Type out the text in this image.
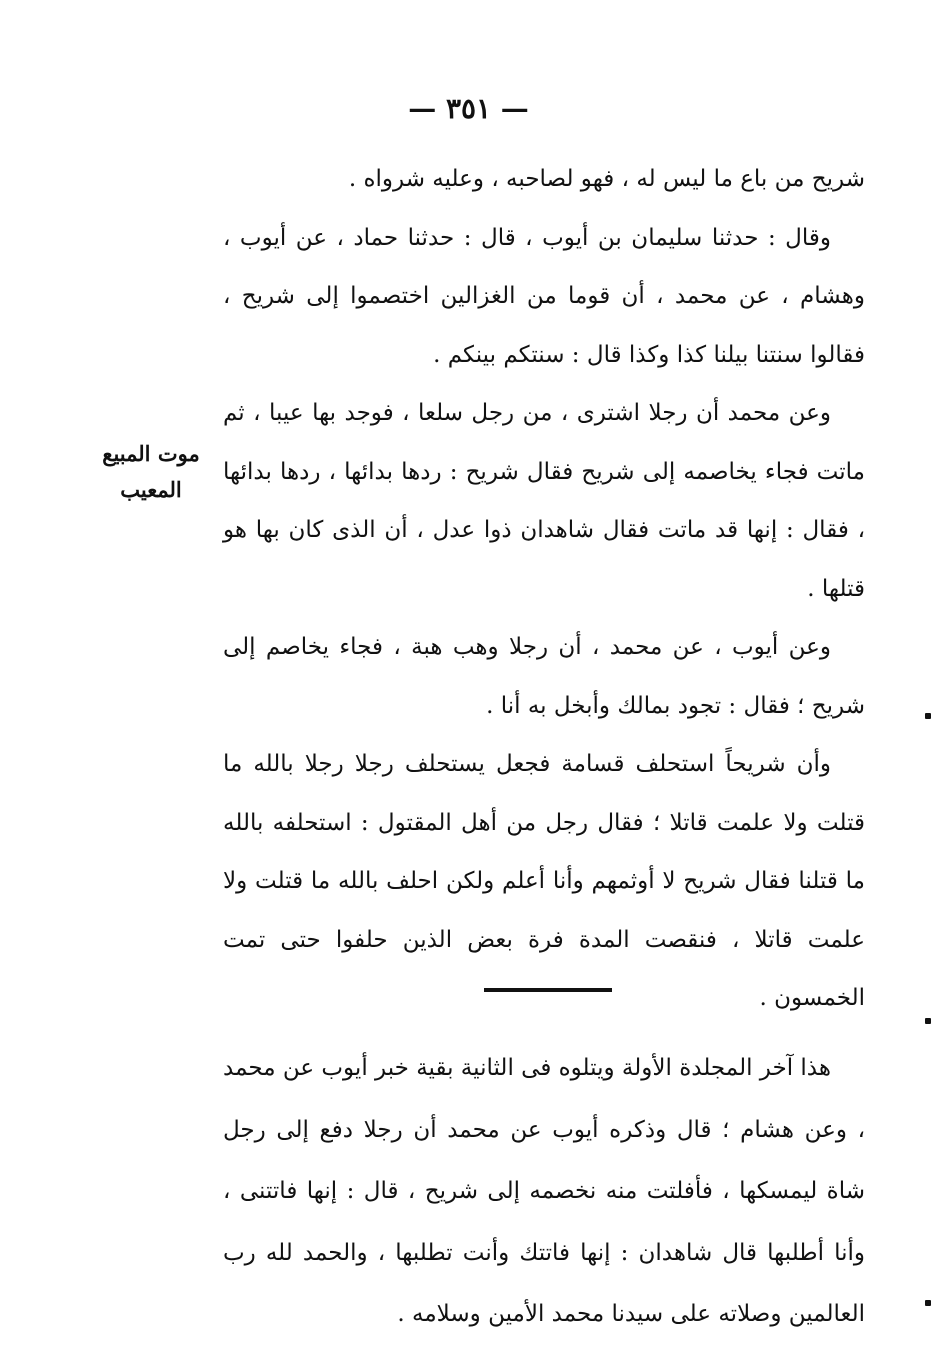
— ٣٥١ —
موت المبيع
المعيب

شريح من باع ما ليس له ، فهو لصاحبه ، وعليه شرواه .

وقال : حدثنا سليمان بن أيوب ، قال : حدثنا حماد ، عن أيوب ، وهشام ، عن محمد ، أن قوما من الغزالين اختصموا إلى شريح ، فقالوا سنتنا بيلنا كذا وكذا قال : سنتكم بينكم .

وعن محمد أن رجلا اشترى ، من رجل سلعا ، فوجد بها عيبا ، ثم ماتت فجاء يخاصمه إلى شريح فقال شريح : ردها بدائها ، ردها بدائها ، فقال : إنها قد ماتت فقال شاهدان ذوا عدل ، أن الذى كان بها هو قتلها .

وعن أيوب ، عن محمد ، أن رجلا وهب هبة ، فجاء يخاصم إلى شريح ؛ فقال : تجود بمالك وأبخل به أنا .

وأن شريحاً استحلف قسامة فجعل يستحلف رجلا رجلا بالله ما قتلت ولا علمت قاتلا ؛ فقال رجل من أهل المقتول : استحلفه بالله ما قتلنا فقال شريح لا أوثمهم وأنا أعلم ولكن احلف بالله ما قتلت ولا علمت قاتلا ، فنقصت المدة فرة بعض الذين حلفوا حتى تمت الخمسون .

هذا آخر المجلدة الأولة ويتلوه فى الثانية بقية خبر أيوب عن محمد ، وعن هشام ؛ قال وذكره أيوب عن محمد أن رجلا دفع إلى رجل شاة ليمسكها ، فأفلتت منه نخصمه إلى شريح ، قال : إنها فاتتنى ، وأنا أطلبها قال شاهدان : إنها فاتتك وأنت تطلبها ، والحمد لله رب العالمين وصلاته على سيدنا محمد الأمين وسلامه .
